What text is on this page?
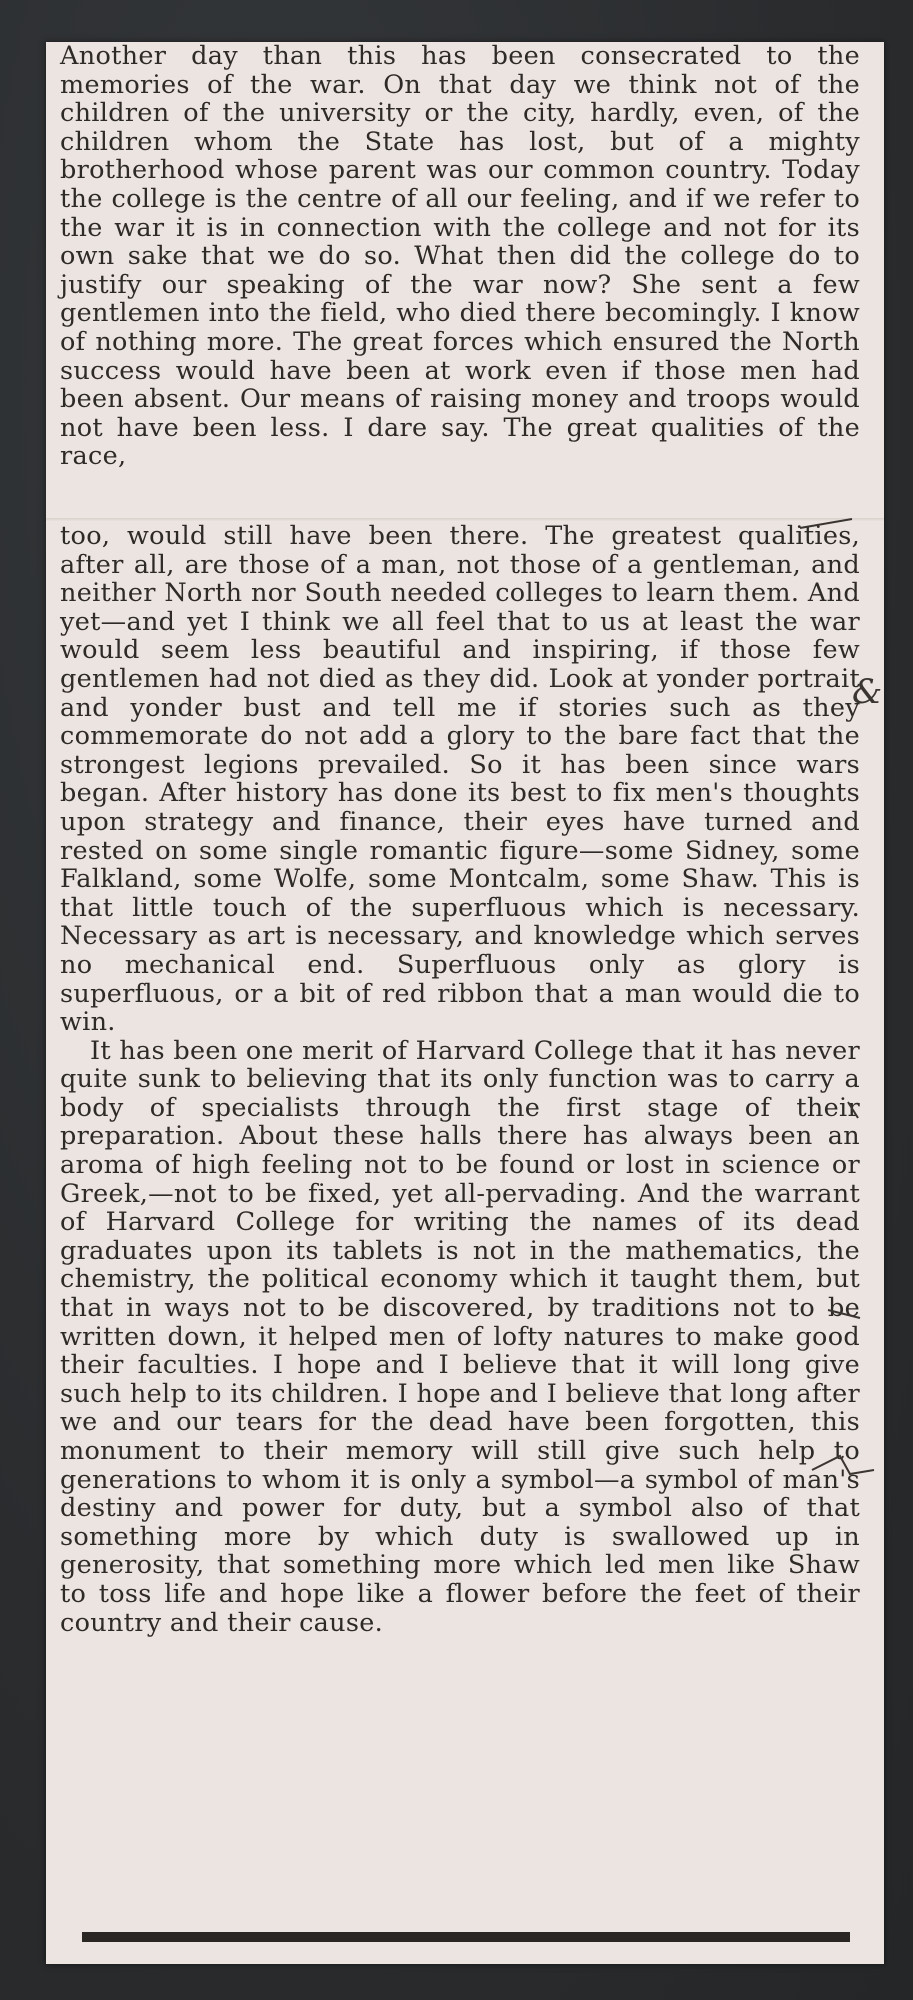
Another day than this has been consecrated to the memories of the war. On that day we think not of the children of the university or the city, hardly, even, of the children whom the State has lost, but of a mighty brotherhood whose parent was our common country. Today the college is the centre of all our feeling, and if we refer to the war it is in connection with the college and not for its own sake that we do so. What then did the college do to justify our speaking of the war now? She sent a few gentlemen into the field, who died there becomingly. I know of nothing more. The great forces which ensured the North success would have been at work even if those men had been absent. Our means of raising money and troops would not have been less. I dare say. The great qualities of the race,

too, would still have been there. The greatest qualities, after all, are those of a man, not those of a gentleman, and neither North nor South needed colleges to learn them. And yet—and yet I think we all feel that to us at least the war would seem less beautiful and inspiring, if those few gentlemen had not died as they did. Look at yonder portrait and yonder bust and tell me if stories such as they commemorate do not add a glory to the bare fact that the strongest legions prevailed. So it has been since wars began. After history has done its best to fix men's thoughts upon strategy and finance, their eyes have turned and rested on some single romantic figure—some Sidney, some Falkland, some Wolfe, some Montcalm, some Shaw. This is that little touch of the superfluous which is necessary. Necessary as art is necessary, and knowledge which serves no mechanical end. Superfluous only as glory is superfluous, or a bit of red ribbon that a man would die to win.

It has been one merit of Harvard College that it has never quite sunk to believing that its only function was to carry a body of specialists through the first stage of their preparation. About these halls there has always been an aroma of high feeling not to be found or lost in science or Greek,—not to be fixed, yet all-pervading. And the warrant of Harvard College for writing the names of its dead graduates upon its tablets is not in the mathematics, the chemistry, the political economy which it taught them, but that in ways not to be discovered, by traditions not to be written down, it helped men of lofty natures to make good their faculties. I hope and I believe that it will long give such help to its children. I hope and I believe that long after we and our tears for the dead have been forgotten, this monument to their memory will still give such help to generations to whom it is only a symbol—a symbol of man's destiny and power for duty, but a symbol also of that something more by which duty is swallowed up in generosity, that something more which led men like Shaw to toss life and hope like a flower before the feet of their country and their cause.

&
